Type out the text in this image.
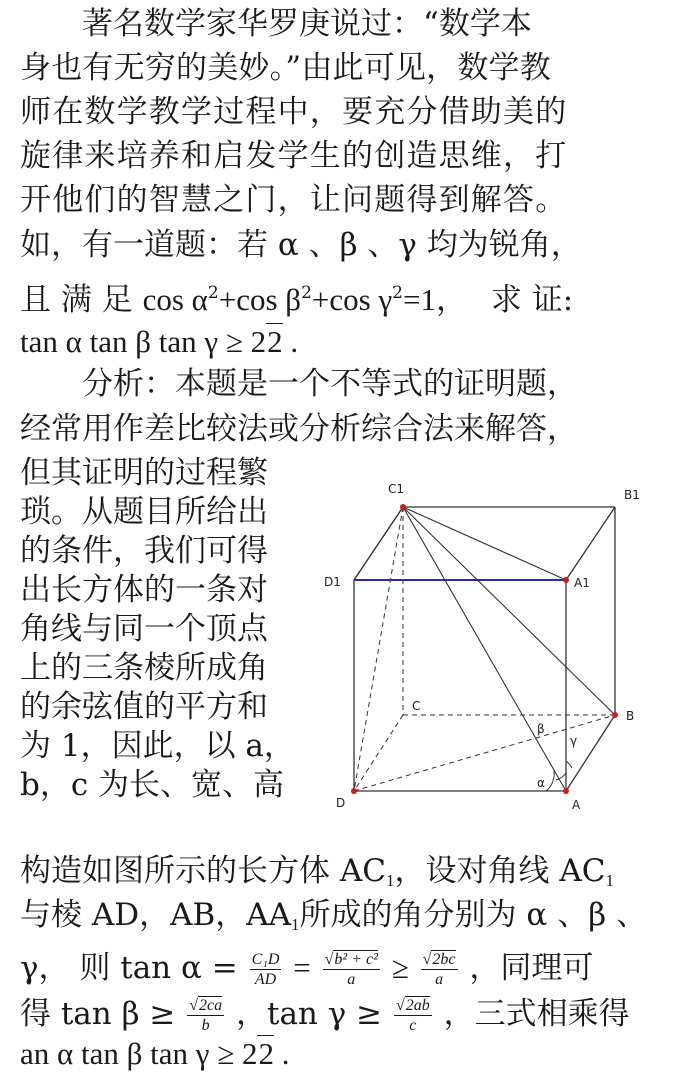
　　著名数学家华罗庚说过：“数学本
身也有无穷的美妙。”由此可见，数学教
师在数学教学过程中，要充分借助美的
旋律来培养和启发学生的创造思维，打
开他们的智慧之门，让问题得到解答。
如，有一道题：若 α 、β 、γ 均为锐角，
且 满 足 $\cos \alpha^2+\cos$ $\beta^2+\cos$ $\gamma^2=1$， 求 证:
tan α tan β tan γ ≥ 22 .
　　分析：本题是一个不等式的证明题，
经常用作差比较法或分析综合法来解答，
但其证明的过程繁
琐。从题目所给出
的条件，我们可得
出长方体的一条对
角线与同一个顶点
上的三条棱所成角
的余弦值的平方和
为 1，因此，以 a，
b，c 为长、宽、高
C1	B1
D1	A1
C
B
D	A
β
γ
α
构造如图所示的长方体 $AC_1$，设对角线 $AC_1$
与棱 AD，AB，$AA_1$所成的角分别为 α 、β 、
γ， 则 $\tan \alpha = \frac{\text{C₁D}}{AD} = \frac{\text{√b² + c²}}{a} \ge \frac{√2bc}{a}$ ，同理可
得 $\tan \beta \ge \frac{√2ca}{b}$ ，$\tan \gamma \ge \frac{√2ab}{c}$ ，三式相乘得
an α tan β tan γ ≥ 22 .
